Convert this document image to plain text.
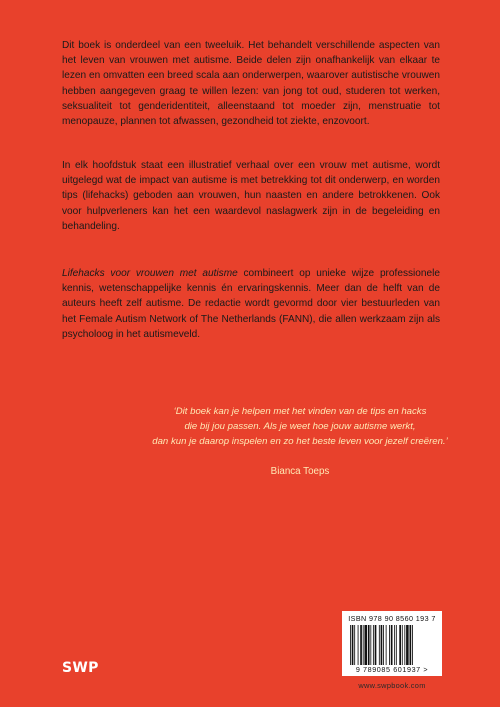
Dit boek is onderdeel van een tweeluik. Het behandelt verschillende aspecten van het leven van vrouwen met autisme. Beide delen zijn onafhankelijk van elkaar te lezen en omvatten een breed scala aan onderwerpen, waarover autistische vrouwen hebben aangegeven graag te willen lezen: van jong tot oud, studeren tot werken, seksualiteit tot genderidentiteit, alleenstaand tot moeder zijn, menstruatie tot menopauze, plannen tot afwassen, gezondheid tot ziekte, enzovoort.

In elk hoofdstuk staat een illustratief verhaal over een vrouw met autisme, wordt uitgelegd wat de impact van autisme is met betrekking tot dit onderwerp, en worden tips (lifehacks) geboden aan vrouwen, hun naasten en andere betrokkenen. Ook voor hulpverleners kan het een waardevol naslagwerk zijn in de begeleiding en behandeling.

Lifehacks voor vrouwen met autisme combineert op unieke wijze professionele kennis, wetenschappelijke kennis én ervaringskennis. Meer dan de helft van de auteurs heeft zelf autisme. De redactie wordt gevormd door vier bestuurleden van het Female Autism Network of The Netherlands (FANN), die allen werkzaam zijn als psycholoog in het autismeveld.

‘Dit boek kan je helpen met het vinden van de tips en hacks
die bij jou passen. Als je weet hoe jouw autisme werkt,
dan kun je daarop inspelen en zo het beste leven voor jezelf creëren.’

Bianca Toeps

ISBN 978 90 8560 193 7
9 789085 601937 >
www.swpbook.com
SWP
